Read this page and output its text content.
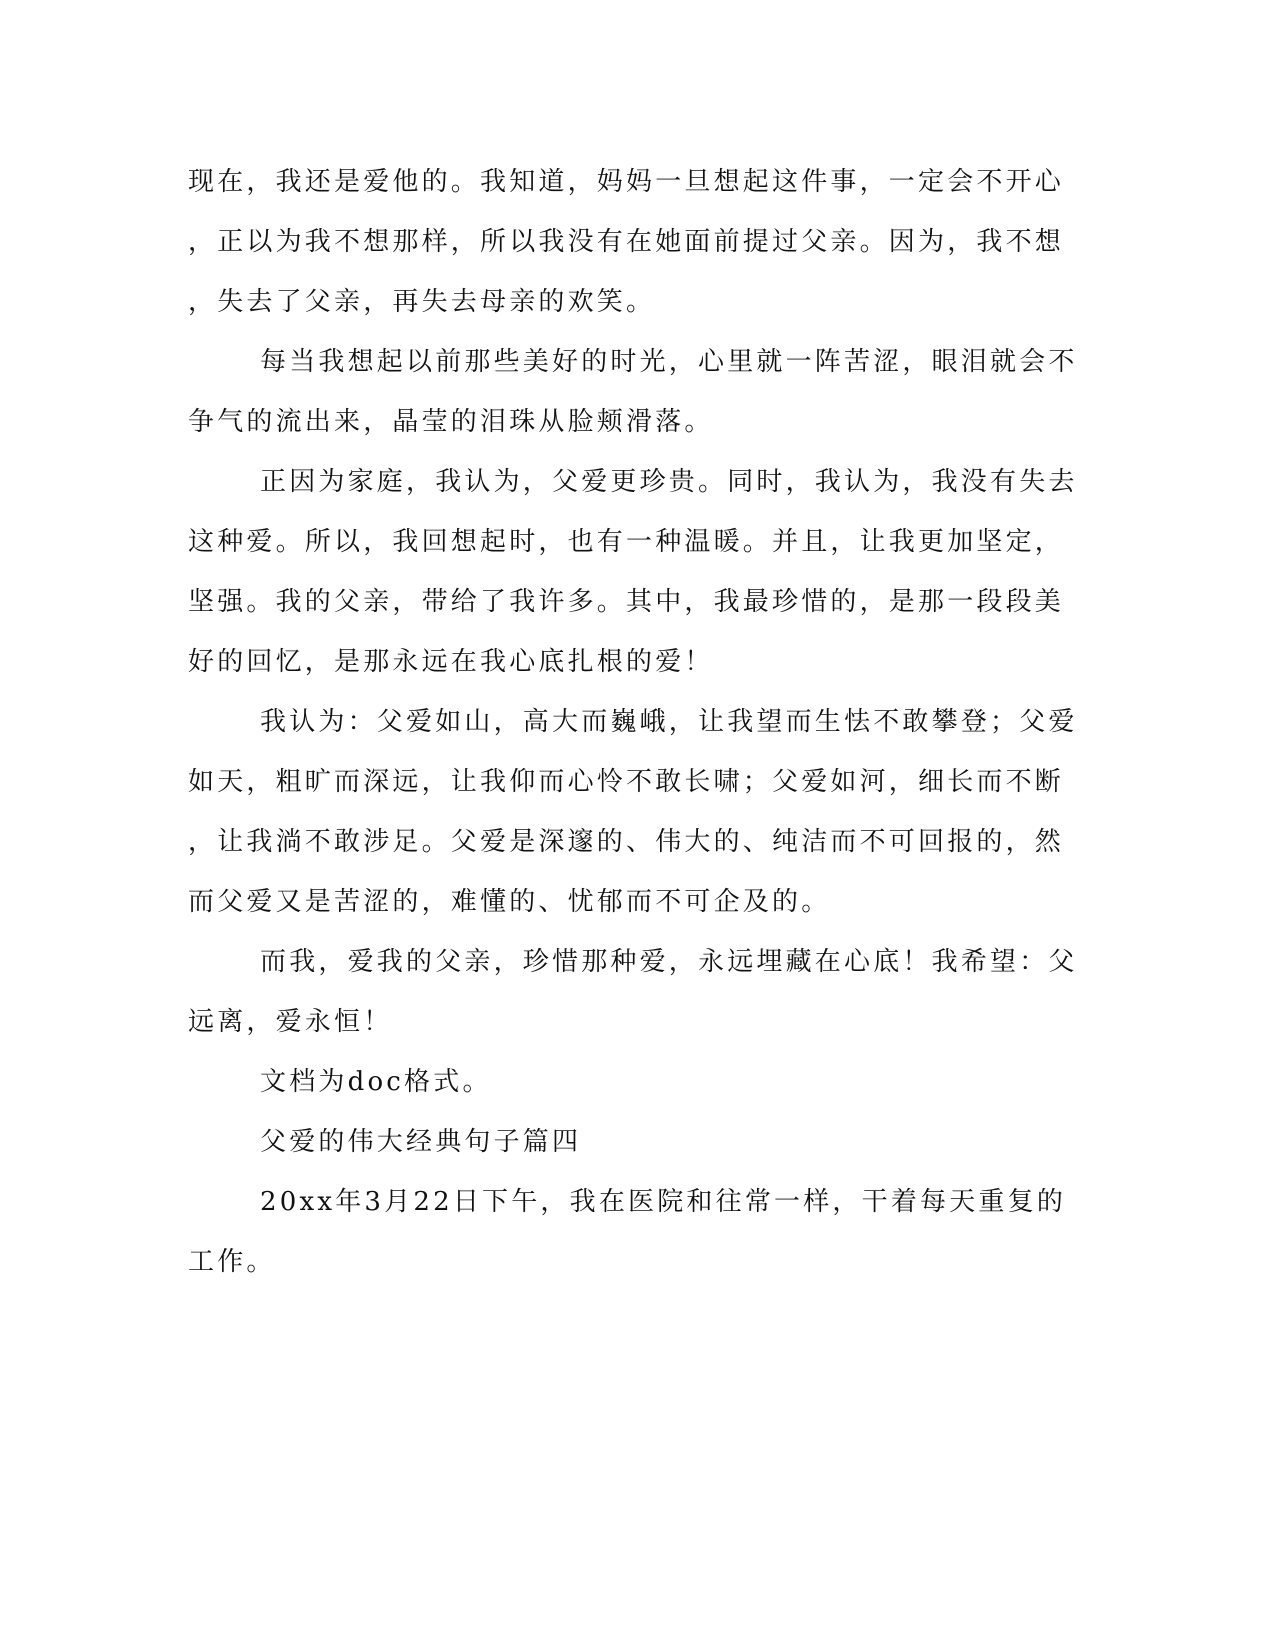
现在，我还是爱他的。我知道，妈妈一旦想起这件事，一定会不开心
，正以为我不想那样，所以我没有在她面前提过父亲。因为，我不想
，失去了父亲，再失去母亲的欢笑。
每当我想起以前那些美好的时光，心里就一阵苦涩，眼泪就会不
争气的流出来，晶莹的泪珠从脸颊滑落。
正因为家庭，我认为，父爱更珍贵。同时，我认为，我没有失去
这种爱。所以，我回想起时，也有一种温暖。并且，让我更加坚定，
坚强。我的父亲，带给了我许多。其中，我最珍惜的，是那一段段美
好的回忆，是那永远在我心底扎根的爱！
我认为：父爱如山，高大而巍峨，让我望而生怯不敢攀登；父爱
如天，粗旷而深远，让我仰而心怜不敢长啸；父爱如河，细长而不断
，让我淌不敢涉足。父爱是深邃的、伟大的、纯洁而不可回报的，然
而父爱又是苦涩的，难懂的、忧郁而不可企及的。
而我，爱我的父亲，珍惜那种爱，永远埋藏在心底！我希望：父
远离，爱永恒！
文档为doc格式。
父爱的伟大经典句子篇四
20xx年3月22日下午，我在医院和往常一样，干着每天重复的
工作。
